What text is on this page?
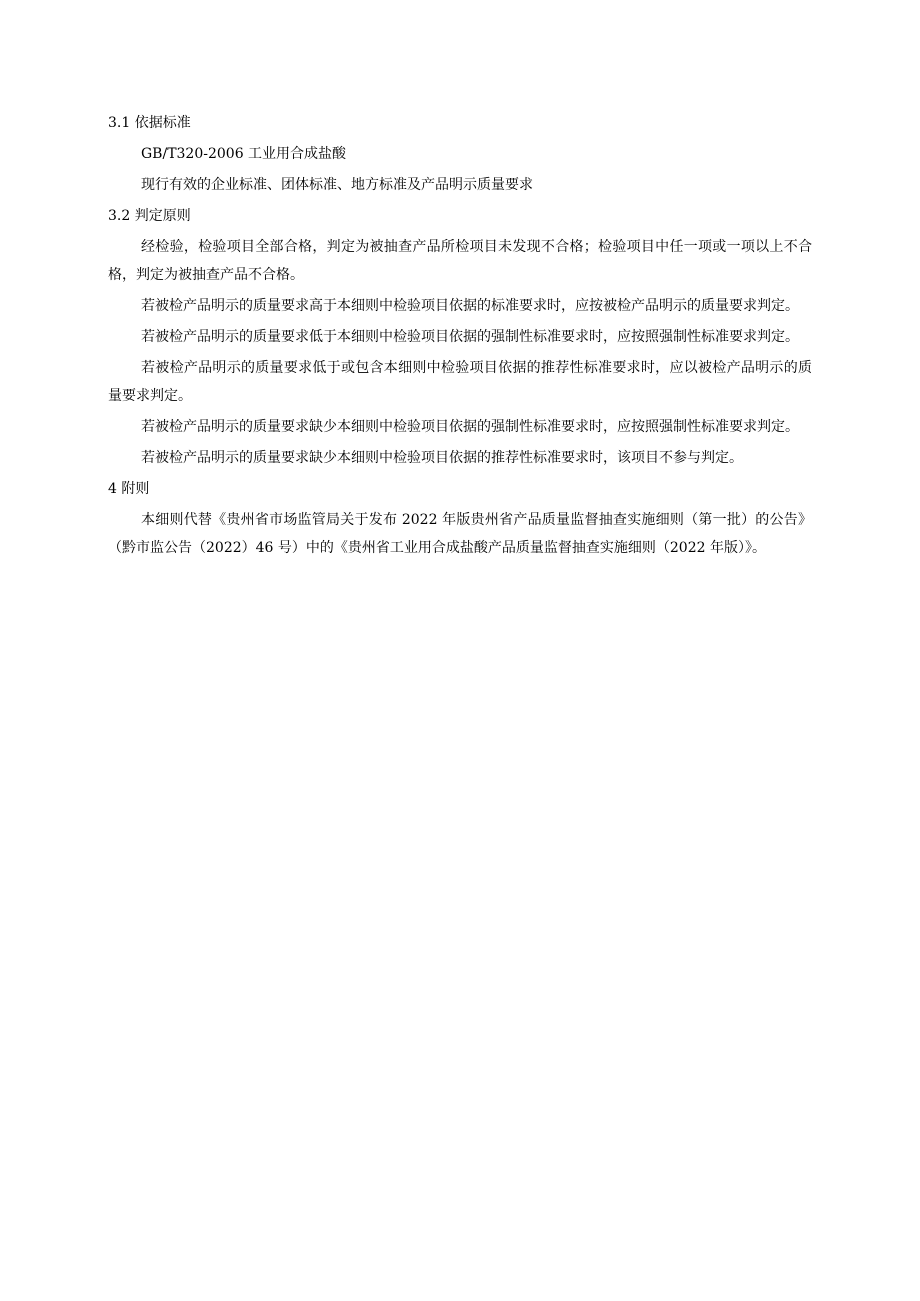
3.1 依据标准

GB/T320-2006 工业用合成盐酸

现行有效的企业标准、团体标准、地方标准及产品明示质量要求

3.2 判定原则

经检验，检验项目全部合格，判定为被抽查产品所检项目未发现不合格；检验项目中任一项或一项以上不合格，判定为被抽查产品不合格。

若被检产品明示的质量要求高于本细则中检验项目依据的标准要求时，应按被检产品明示的质量要求判定。

若被检产品明示的质量要求低于本细则中检验项目依据的强制性标准要求时，应按照强制性标准要求判定。

若被检产品明示的质量要求低于或包含本细则中检验项目依据的推荐性标准要求时，应以被检产品明示的质量要求判定。

若被检产品明示的质量要求缺少本细则中检验项目依据的强制性标准要求时，应按照强制性标准要求判定。

若被检产品明示的质量要求缺少本细则中检验项目依据的推荐性标准要求时，该项目不参与判定。

4 附则

本细则代替《贵州省市场监管局关于发布 2022 年版贵州省产品质量监督抽查实施细则（第一批）的公告》（黔市监公告（2022）46 号）中的《贵州省工业用合成盐酸产品质量监督抽查实施细则（2022 年版）》。
